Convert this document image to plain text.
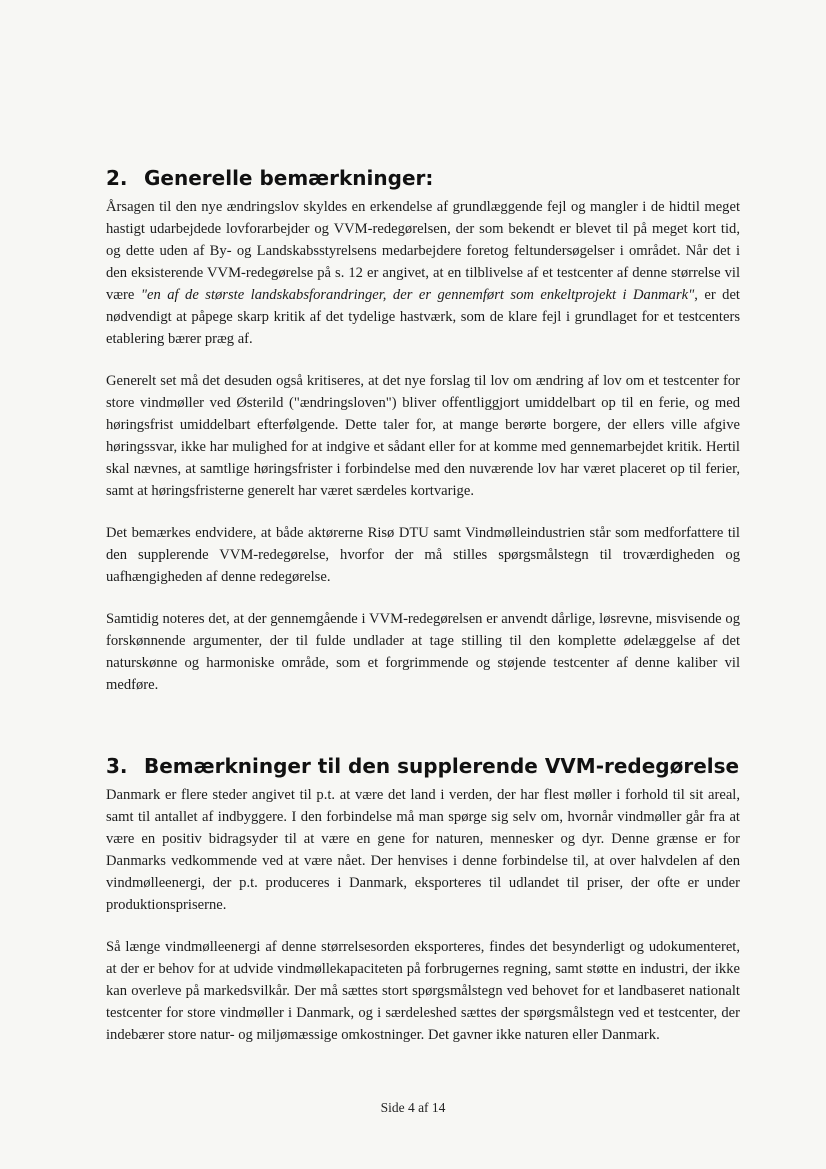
2. Generelle bemærkninger:

Årsagen til den nye ændringslov skyldes en erkendelse af grundlæggende fejl og mangler i de hidtil meget hastigt udarbejdede lovforarbejder og VVM-redegørelsen, der som bekendt er blevet til på meget kort tid, og dette uden af By- og Landskabsstyrelsens medarbejdere foretog feltundersøgelser i området. Når det i den eksisterende VVM-redegørelse på s. 12 er angivet, at en tilblivelse af et testcenter af denne størrelse vil være "en af de største landskabsforandringer, der er gennemført som enkeltprojekt i Danmark", er det nødvendigt at påpege skarp kritik af det tydelige hastværk, som de klare fejl i grundlaget for et testcenters etablering bærer præg af.

Generelt set må det desuden også kritiseres, at det nye forslag til lov om ændring af lov om et testcenter for store vindmøller ved Østerild ("ændringsloven") bliver offentliggjort umiddelbart op til en ferie, og med høringsfrist umiddelbart efterfølgende. Dette taler for, at mange berørte borgere, der ellers ville afgive høringssvar, ikke har mulighed for at indgive et sådant eller for at komme med gennemarbejdet kritik. Hertil skal nævnes, at samtlige høringsfrister i forbindelse med den nuværende lov har været placeret op til ferier, samt at høringsfristerne generelt har været særdeles kortvarige.

Det bemærkes endvidere, at både aktørerne Risø DTU samt Vindmølleindustrien står som medforfattere til den supplerende VVM-redegørelse, hvorfor der må stilles spørgsmålstegn til troværdigheden og uafhængigheden af denne redegørelse.

Samtidig noteres det, at der gennemgående i VVM-redegørelsen er anvendt dårlige, løsrevne, misvisende og forskønnende argumenter, der til fulde undlader at tage stilling til den komplette ødelæggelse af det naturskønne og harmoniske område, som et forgrimmende og støjende testcenter af denne kaliber vil medføre.

3. Bemærkninger til den supplerende VVM-redegørelse

Danmark er flere steder angivet til p.t. at være det land i verden, der har flest møller i forhold til sit areal, samt til antallet af indbyggere. I den forbindelse må man spørge sig selv om, hvornår vindmøller går fra at være en positiv bidragsyder til at være en gene for naturen, mennesker og dyr. Denne grænse er for Danmarks vedkommende ved at være nået. Der henvises i denne forbindelse til, at over halvdelen af den vindmølleenergi, der p.t. produceres i Danmark, eksporteres til udlandet til priser, der ofte er under produktionspriserne.

Så længe vindmølleenergi af denne størrelsesorden eksporteres, findes det besynderligt og udokumenteret, at der er behov for at udvide vindmøllekapaciteten på forbrugernes regning, samt støtte en industri, der ikke kan overleve på markedsvilkår. Der må sættes stort spørgsmålstegn ved behovet for et landbaseret nationalt testcenter for store vindmøller i Danmark, og i særdeleshed sættes der spørgsmålstegn ved et testcenter, der indebærer store natur- og miljømæssige omkostninger. Det gavner ikke naturen eller Danmark.

Side 4 af 14
